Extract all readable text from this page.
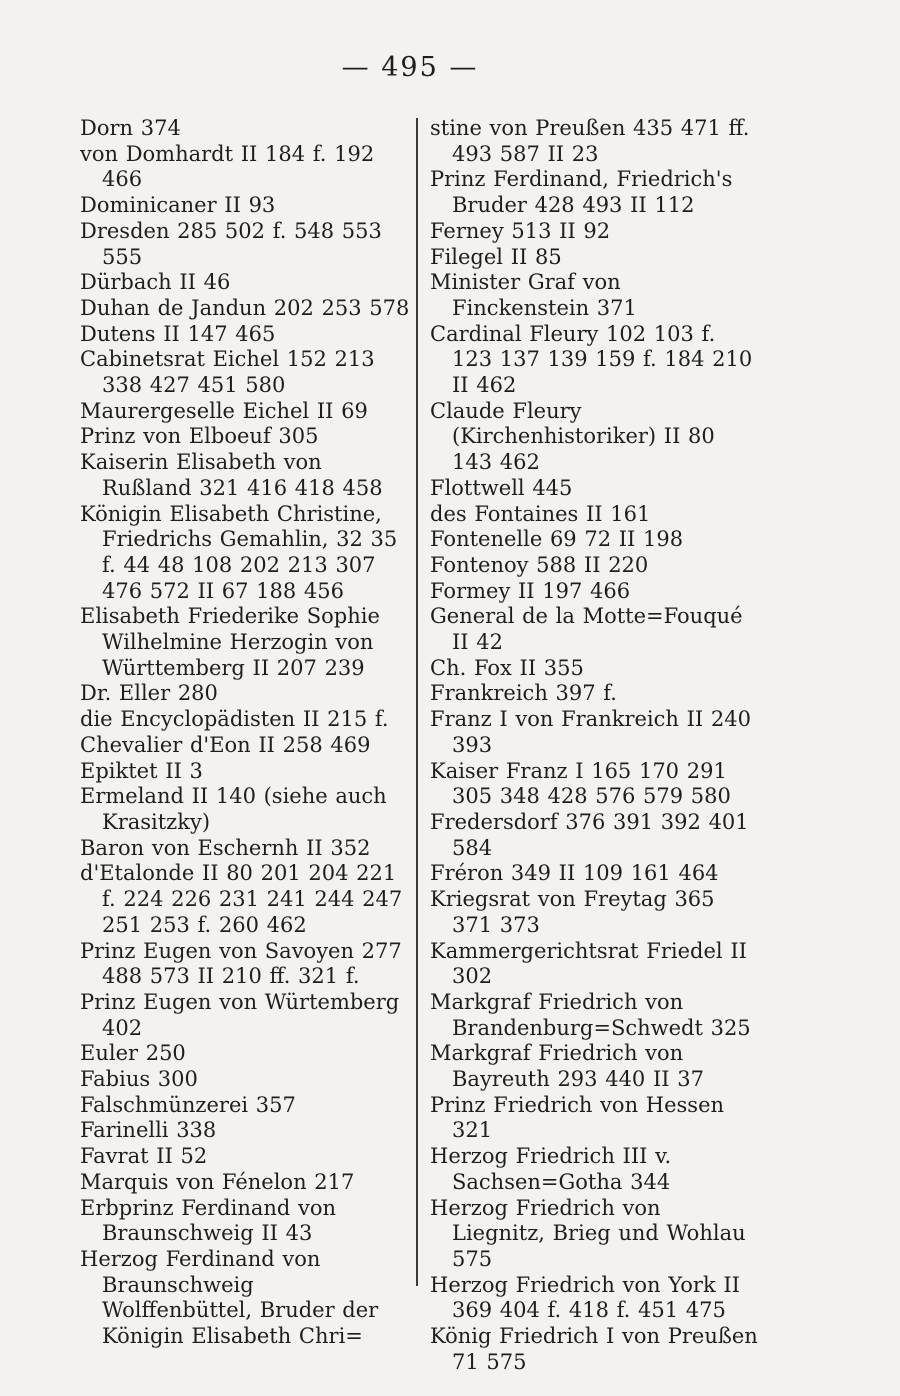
— 495 —
Dorn 374
von Domhardt II 184 f. 192 466
Dominicaner II 93
Dresden 285 502 f. 548 553 555
Dürbach II 46
Duhan de Jandun 202 253 578
Dutens II 147 465
Cabinetsrat Eichel 152 213 338 427 451 580
Maurergeselle Eichel II 69
Prinz von Elboeuf 305
Kaiserin Elisabeth von Rußland 321 416 418 458
Königin Elisabeth Christine, Friedrichs Gemahlin, 32 35 f. 44 48 108 202 213 307 476 572 II 67 188 456
Elisabeth Friederike Sophie Wilhelmine Herzogin von Württemberg II 207 239
Dr. Eller 280
die Encyclopädisten II 215 f.
Chevalier d'Eon II 258 469
Epiktet II 3
Ermeland II 140 (siehe auch Krasitzky)
Baron von Eschernh II 352
d'Etalonde II 80 201 204 221 f. 224 226 231 241 244 247 251 253 f. 260 462
Prinz Eugen von Savoyen 277 488 573 II 210 ff. 321 f.
Prinz Eugen von Würtemberg 402
Euler 250
Fabius 300
Falschmünzerei 357
Farinelli 338
Favrat II 52
Marquis von Fénelon 217
Erbprinz Ferdinand von Braunschweig II 43
Herzog Ferdinand von Braunschweig Wolffenbüttel, Bruder der Königin Elisabeth Chri=
stine von Preußen 435 471 ff. 493 587 II 23
Prinz Ferdinand, Friedrich's Bruder 428 493 II 112
Ferney 513 II 92
Filegel II 85
Minister Graf von Finckenstein 371
Cardinal Fleury 102 103 f. 123 137 139 159 f. 184 210 II 462
Claude Fleury (Kirchenhistoriker) II 80 143 462
Flottwell 445
des Fontaines II 161
Fontenelle 69 72 II 198
Fontenoy 588 II 220
Formey II 197 466
General de la Motte=Fouqué II 42
Ch. Fox II 355
Frankreich 397 f.
Franz I von Frankreich II 240 393
Kaiser Franz I 165 170 291 305 348 428 576 579 580
Fredersdorf 376 391 392 401 584
Fréron 349 II 109 161 464
Kriegsrat von Freytag 365 371 373
Kammergerichtsrat Friedel II 302
Markgraf Friedrich von Brandenburg=Schwedt 325
Markgraf Friedrich von Bayreuth 293 440 II 37
Prinz Friedrich von Hessen 321
Herzog Friedrich III v. Sachsen=Gotha 344
Herzog Friedrich von Liegnitz, Brieg und Wohlau 575
Herzog Friedrich von York II 369 404 f. 418 f. 451 475
König Friedrich I von Preußen 71 575
